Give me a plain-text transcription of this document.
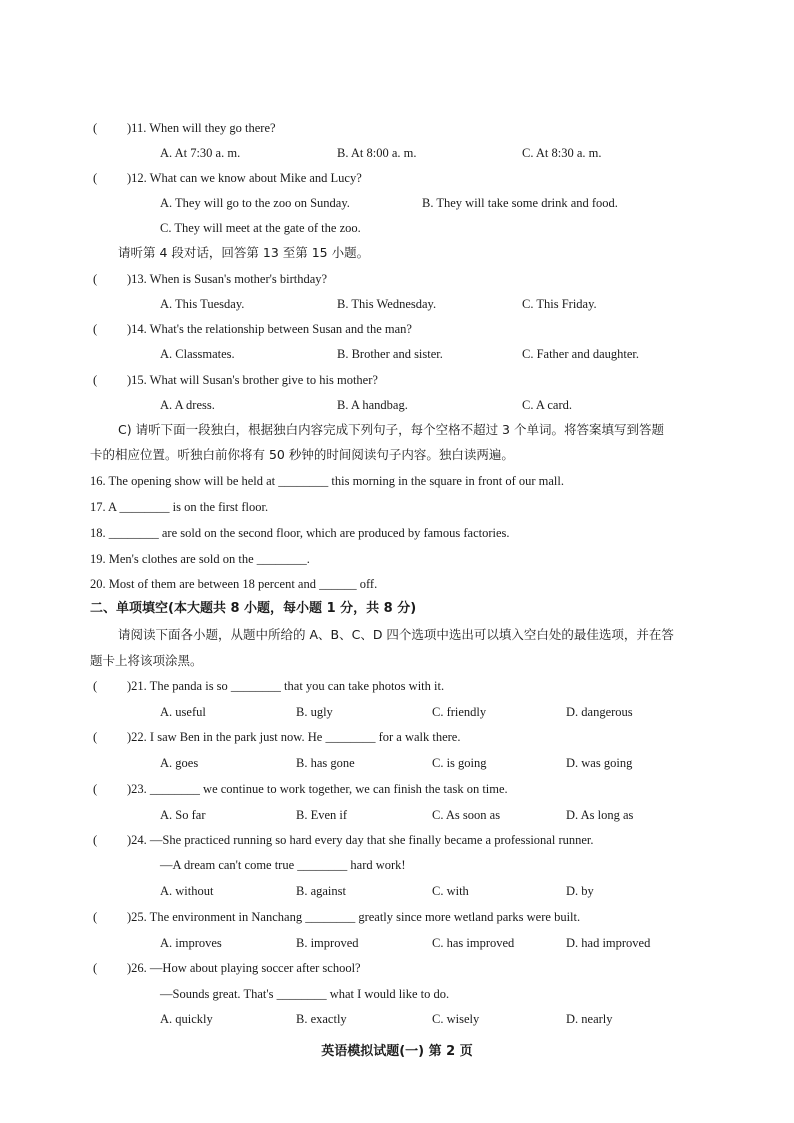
( )11. When will they go there?
A. At 7:30 a. m.	B. At 8:00 a. m.	C. At 8:30 a. m.
( )12. What can we know about Mike and Lucy?
A. They will go to the zoo on Sunday.	B. They will take some drink and food.
C. They will meet at the gate of the zoo.
请听第 4 段对话，回答第 13 至第 15 小题。
( )13. When is Susan's mother's birthday?
A. This Tuesday.	B. This Wednesday.	C. This Friday.
( )14. What's the relationship between Susan and the man?
A. Classmates.	B. Brother and sister.	C. Father and daughter.
( )15. What will Susan's brother give to his mother?
A. A dress.	B. A handbag.	C. A card.
C) 请听下面一段独白，根据独白内容完成下列句子，每个空格不超过 3 个单词。将答案填写到答题
卡的相应位置。听独白前你将有 50 秒钟的时间阅读句子内容。独白读两遍。
16. The opening show will be held at ________ this morning in the square in front of our mall.
17. A ________ is on the first floor.
18. ________ are sold on the second floor, which are produced by famous factories.
19. Men's clothes are sold on the ________.
20. Most of them are between 18 percent and ______ off.
二、单项填空(本大题共 8 小题，每小题 1 分，共 8 分)
请阅读下面各小题，从题中所给的 A、B、C、D 四个选项中选出可以填入空白处的最佳选项，并在答
题卡上将该项涂黑。
( )21. The panda is so ________ that you can take photos with it.
A. useful	B. ugly	C. friendly	D. dangerous
( )22. I saw Ben in the park just now. He ________ for a walk there.
A. goes	B. has gone	C. is going	D. was going
( )23. ________ we continue to work together, we can finish the task on time.
A. So far	B. Even if	C. As soon as	D. As long as
( )24. —She practiced running so hard every day that she finally became a professional runner.
—A dream can't come true ________ hard work!
A. without	B. against	C. with	D. by
( )25. The environment in Nanchang ________ greatly since more wetland parks were built.
A. improves	B. improved	C. has improved	D. had improved
( )26. —How about playing soccer after school?
—Sounds great. That's ________ what I would like to do.
A. quickly	B. exactly	C. wisely	D. nearly
英语模拟试题(一) 第 2 页
